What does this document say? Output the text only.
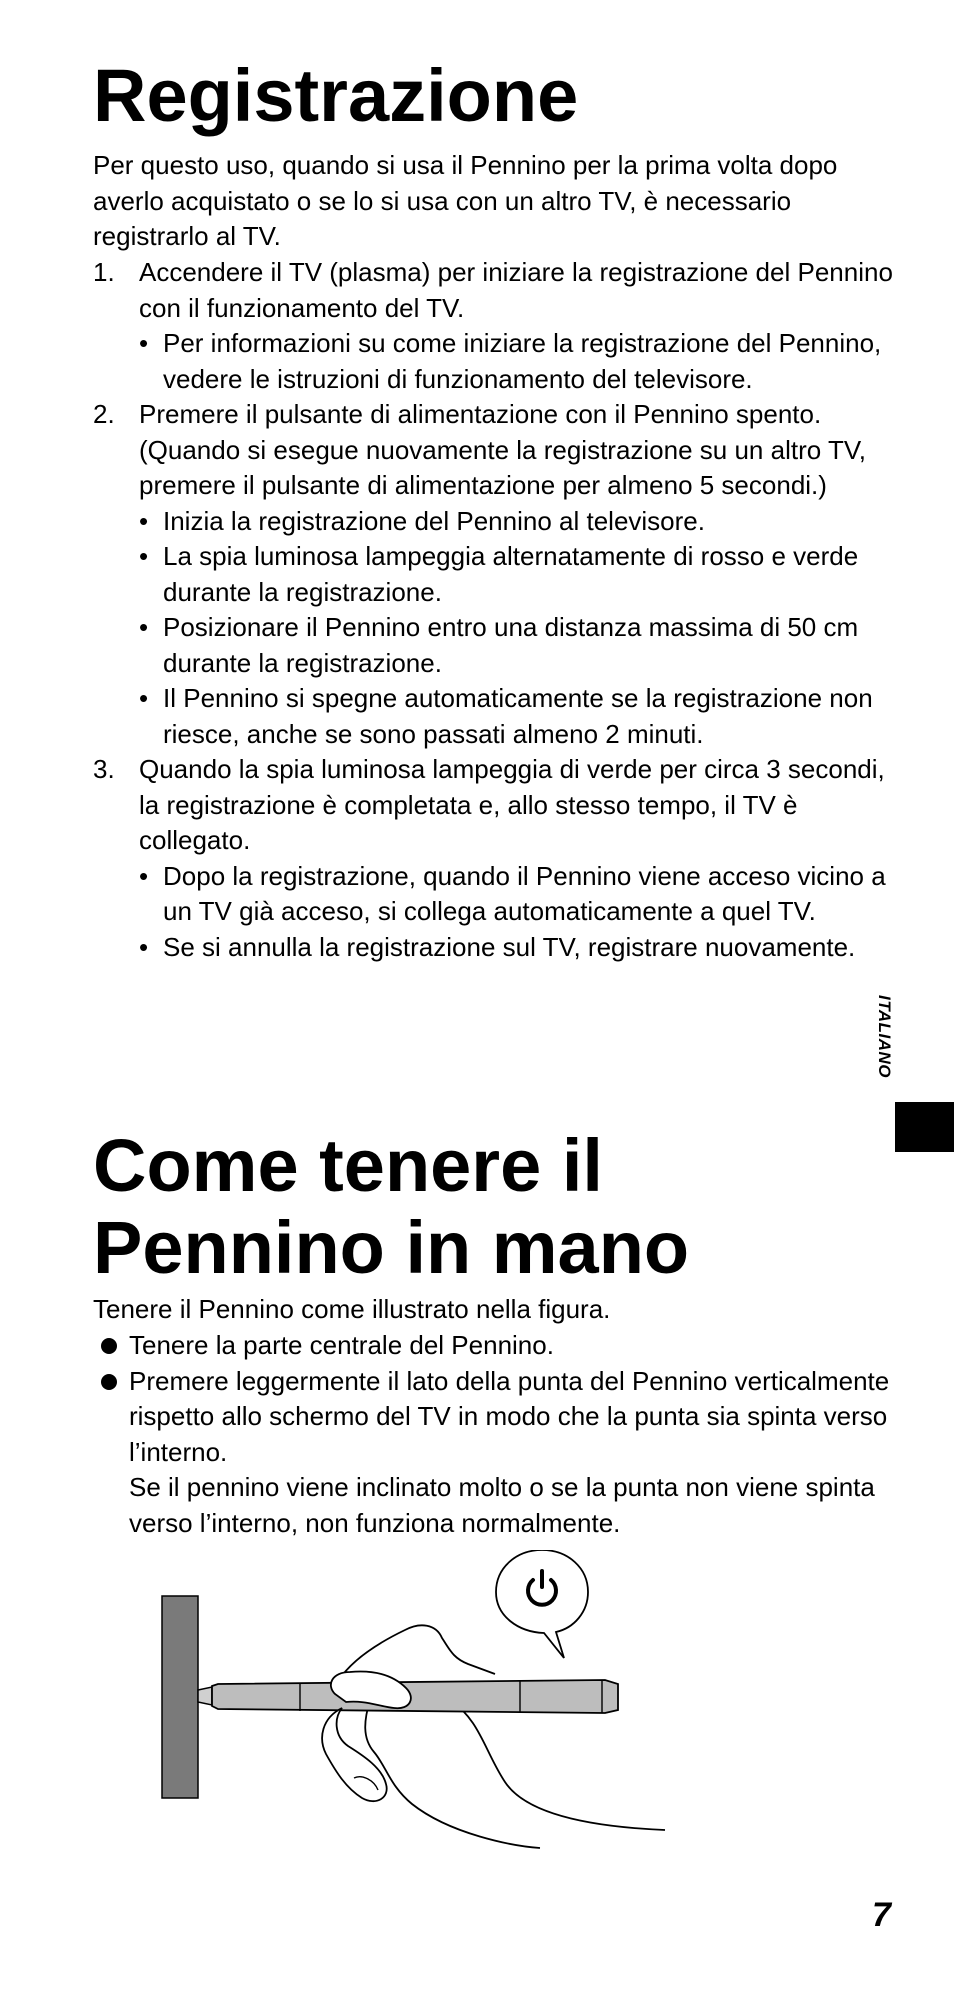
Registrazione
Per questo uso, quando si usa il Pennino per la prima volta dopo averlo acquistato o se lo si usa con un altro TV, è necessario registrarlo al TV.
1. Accendere il TV (plasma) per iniziare la registrazione del Pennino con il funzionamento del TV.
• Per informazioni su come iniziare la registrazione del Pennino, vedere le istruzioni di funzionamento del televisore.
2. Premere il pulsante di alimentazione con il Pennino spento. (Quando si esegue nuovamente la registrazione su un altro TV, premere il pulsante di alimentazione per almeno 5 secondi.)
• Inizia la registrazione del Pennino al televisore.
• La spia luminosa lampeggia alternatamente di rosso e verde durante la registrazione.
• Posizionare il Pennino entro una distanza massima di 50 cm durante la registrazione.
• Il Pennino si spegne automaticamente se la registrazione non riesce, anche se sono passati almeno 2 minuti.
3. Quando la spia luminosa lampeggia di verde per circa 3 secondi, la registrazione è completata e, allo stesso tempo, il TV è collegato.
• Dopo la registrazione, quando il Pennino viene acceso vicino a un TV già acceso, si collega automaticamente a quel TV.
• Se si annulla la registrazione sul TV, registrare nuovamente.
Come tenere il Pennino in mano
Tenere il Pennino come illustrato nella figura.
Tenere la parte centrale del Pennino.
Premere leggermente il lato della punta del Pennino verticalmente rispetto allo schermo del TV in modo che la punta sia spinta verso l’interno.
Se il pennino viene inclinato molto o se la punta non viene spinta verso l’interno, non funziona normalmente.
ITALIANO
7
